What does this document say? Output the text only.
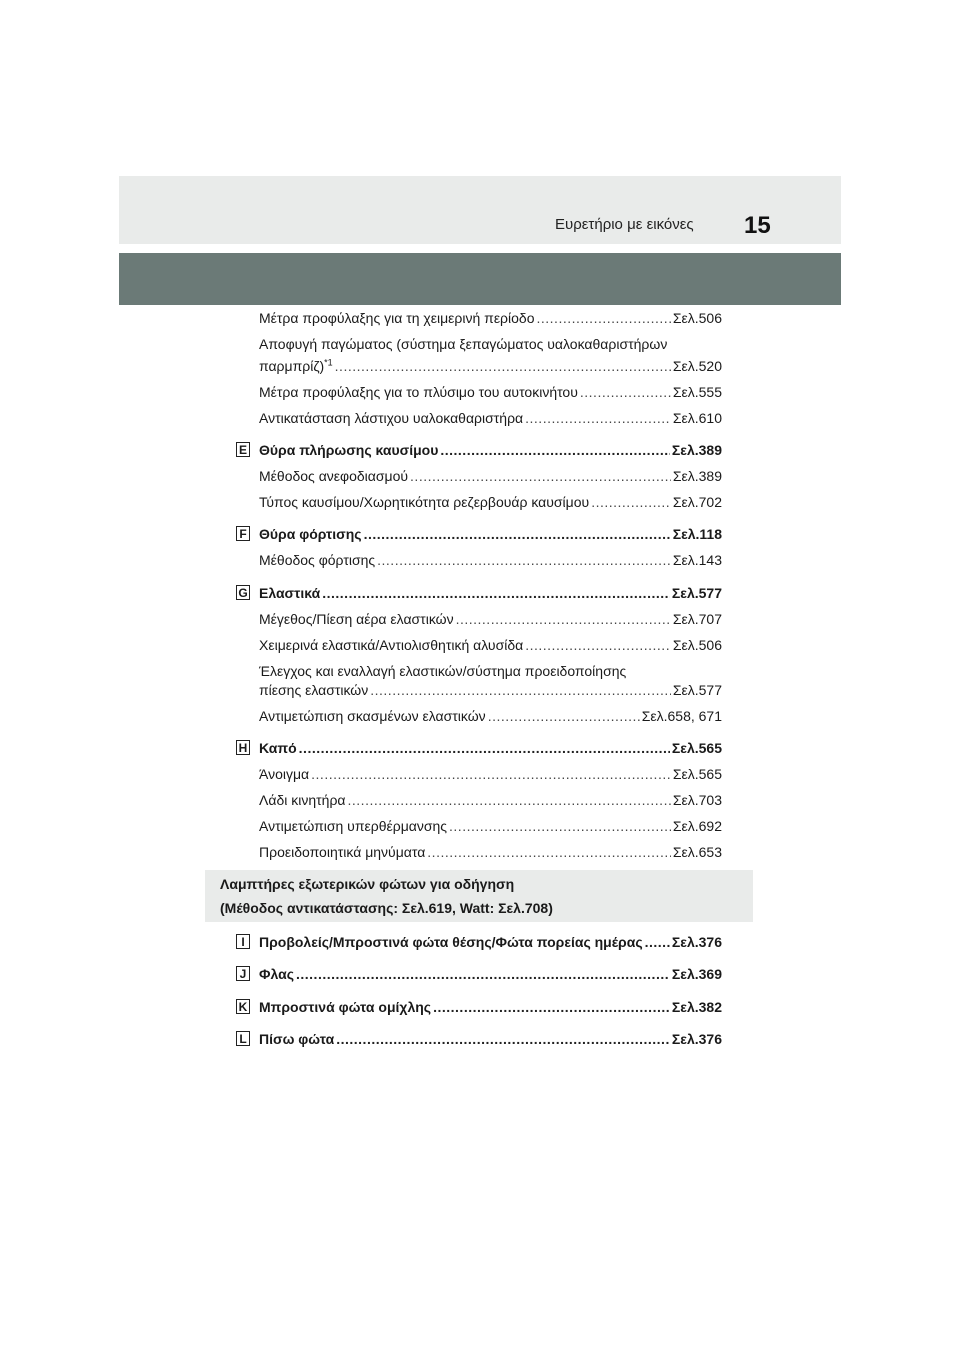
Ευρετήριο με εικόνες 15
Μέτρα προφύλαξης για τη χειμερινή περίοδο .....	Σελ.506
Αποφυγή παγώματος (σύστημα ξεπαγώματος υαλοκαθαριστήρων
παρμπρίζ)$^{*1}$ .....	Σελ.520
Μέτρα προφύλαξης για το πλύσιμο του αυτοκινήτου .....	Σελ.555
Αντικατάσταση λάστιχου υαλοκαθαριστήρα .....	Σελ.610
E Θύρα πλήρωσης καυσίμου .....	Σελ.389
Μέθοδος ανεφοδιασμού .....	Σελ.389
Τύπος καυσίμου/Χωρητικότητα ρεζερβουάρ καυσίμου .....	Σελ.702
F Θύρα φόρτισης .....	Σελ.118
Μέθοδος φόρτισης .....	Σελ.143
G Ελαστικά .....	Σελ.577
Μέγεθος/Πίεση αέρα ελαστικών .....	Σελ.707
Χειμερινά ελαστικά/Αντιολισθητική αλυσίδα .....	Σελ.506
Έλεγχος και εναλλαγή ελαστικών/σύστημα προειδοποίησης
πίεσης ελαστικών .....	Σελ.577
Αντιμετώπιση σκασμένων ελαστικών .....	Σελ.658, 671
H Καπό .....	Σελ.565
Άνοιγμα .....	Σελ.565
Λάδι κινητήρα .....	Σελ.703
Αντιμετώπιση υπερθέρμανσης .....	Σελ.692
Προειδοποιητικά μηνύματα .....	Σελ.653
Λαμπτήρες εξωτερικών φώτων για οδήγηση
(Μέθοδος αντικατάστασης: Σελ.619, Watt: Σελ.708)
I	Προβολείς/Μπροστινά φώτα θέσης/Φώτα πορείας ημέρας ..... Σελ.376
J Φλας .....	Σελ.369
K Μπροστινά φώτα ομίχλης .....	Σελ.382
L Πίσω φώτα .....	Σελ.376
